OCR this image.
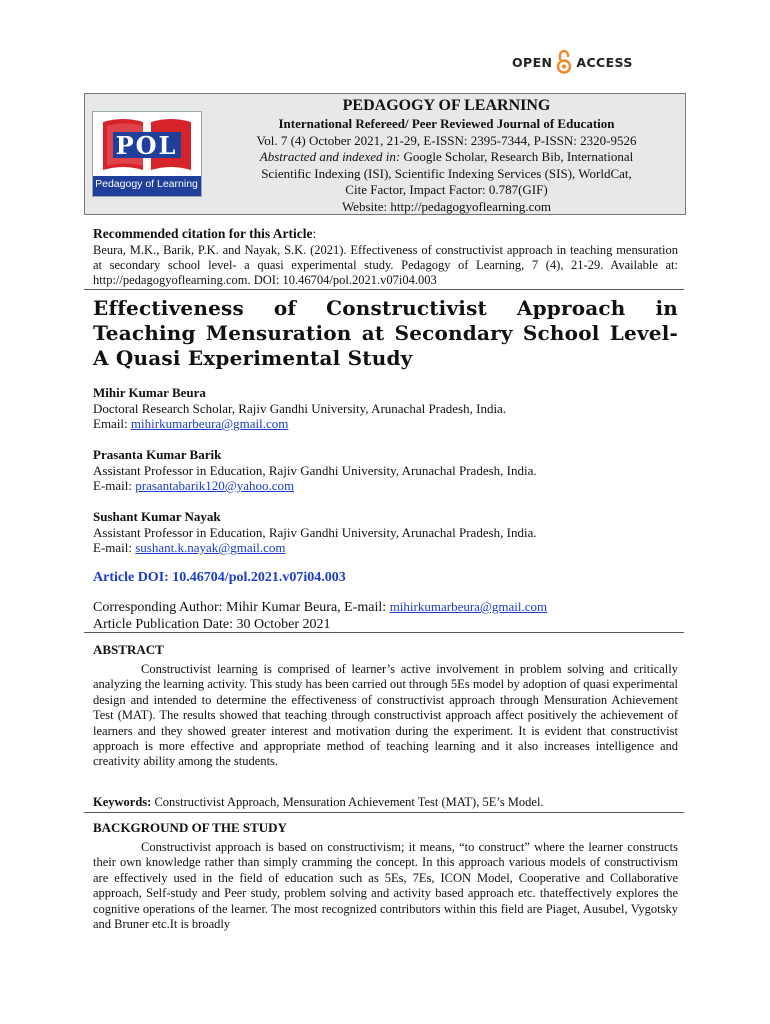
OPEN ACCESS
POL
Pedagogy of Learning
PEDAGOGY OF LEARNING
International Refereed/ Peer Reviewed Journal of Education
Vol. 7 (4) October 2021, 21-29, E-ISSN: 2395-7344, P-ISSN: 2320-9526
Abstracted and indexed in: Google Scholar, Research Bib, International
Scientific Indexing (ISI), Scientific Indexing Services (SIS), WorldCat,
Cite Factor, Impact Factor: 0.787(GIF)
Website: http://pedagogyoflearning.com
Recommended citation for this Article:
Beura, M.K., Barik, P.K. and Nayak, S.K. (2021). Effectiveness of constructivist approach in teaching mensuration at secondary school level- a quasi experimental study. Pedagogy of Learning, 7 (4), 21-29. Available at: http://pedagogyoflearning.com. DOI: 10.46704/pol.2021.v07i04.003
Effectiveness of Constructivist Approach in Teaching Mensuration at Secondary School Level- A Quasi Experimental Study
Mihir Kumar Beura
Doctoral Research Scholar, Rajiv Gandhi University, Arunachal Pradesh, India.
Email: mihirkumarbeura@gmail.com
Prasanta Kumar Barik
Assistant Professor in Education, Rajiv Gandhi University, Arunachal Pradesh, India.
E-mail: prasantabarik120@yahoo.com
Sushant Kumar Nayak
Assistant Professor in Education, Rajiv Gandhi University, Arunachal Pradesh, India.
E-mail: sushant.k.nayak@gmail.com
Article DOI: 10.46704/pol.2021.v07i04.003
Corresponding Author: Mihir Kumar Beura, E-mail: mihirkumarbeura@gmail.com
Article Publication Date: 30 October 2021
ABSTRACT

Constructivist learning is comprised of learner’s active involvement in problem solving and critically analyzing the learning activity. This study has been carried out through 5Es model by adoption of quasi experimental design and intended to determine the effectiveness of constructivist approach through Mensuration Achievement Test (MAT). The results showed that teaching through constructivist approach affect positively the achievement of learners and they showed greater interest and motivation during the experiment. It is evident that constructivist approach is more effective and appropriate method of teaching learning and it also increases intelligence and creativity ability among the students.

Keywords: Constructivist Approach, Mensuration Achievement Test (MAT), 5E’s Model.
BACKGROUND OF THE STUDY

Constructivist approach is based on constructivism; it means, “to construct” where the learner constructs their own knowledge rather than simply cramming the concept. In this approach various models of constructivism are effectively used in the field of education such as 5Es, 7Es, ICON Model, Cooperative and Collaborative approach, Self-study and Peer study, problem solving and activity based approach etc. thateffectively explores the cognitive operations of the learner. The most recognized contributors within this field are Piaget, Ausubel, Vygotsky and Bruner etc.It is broadly
